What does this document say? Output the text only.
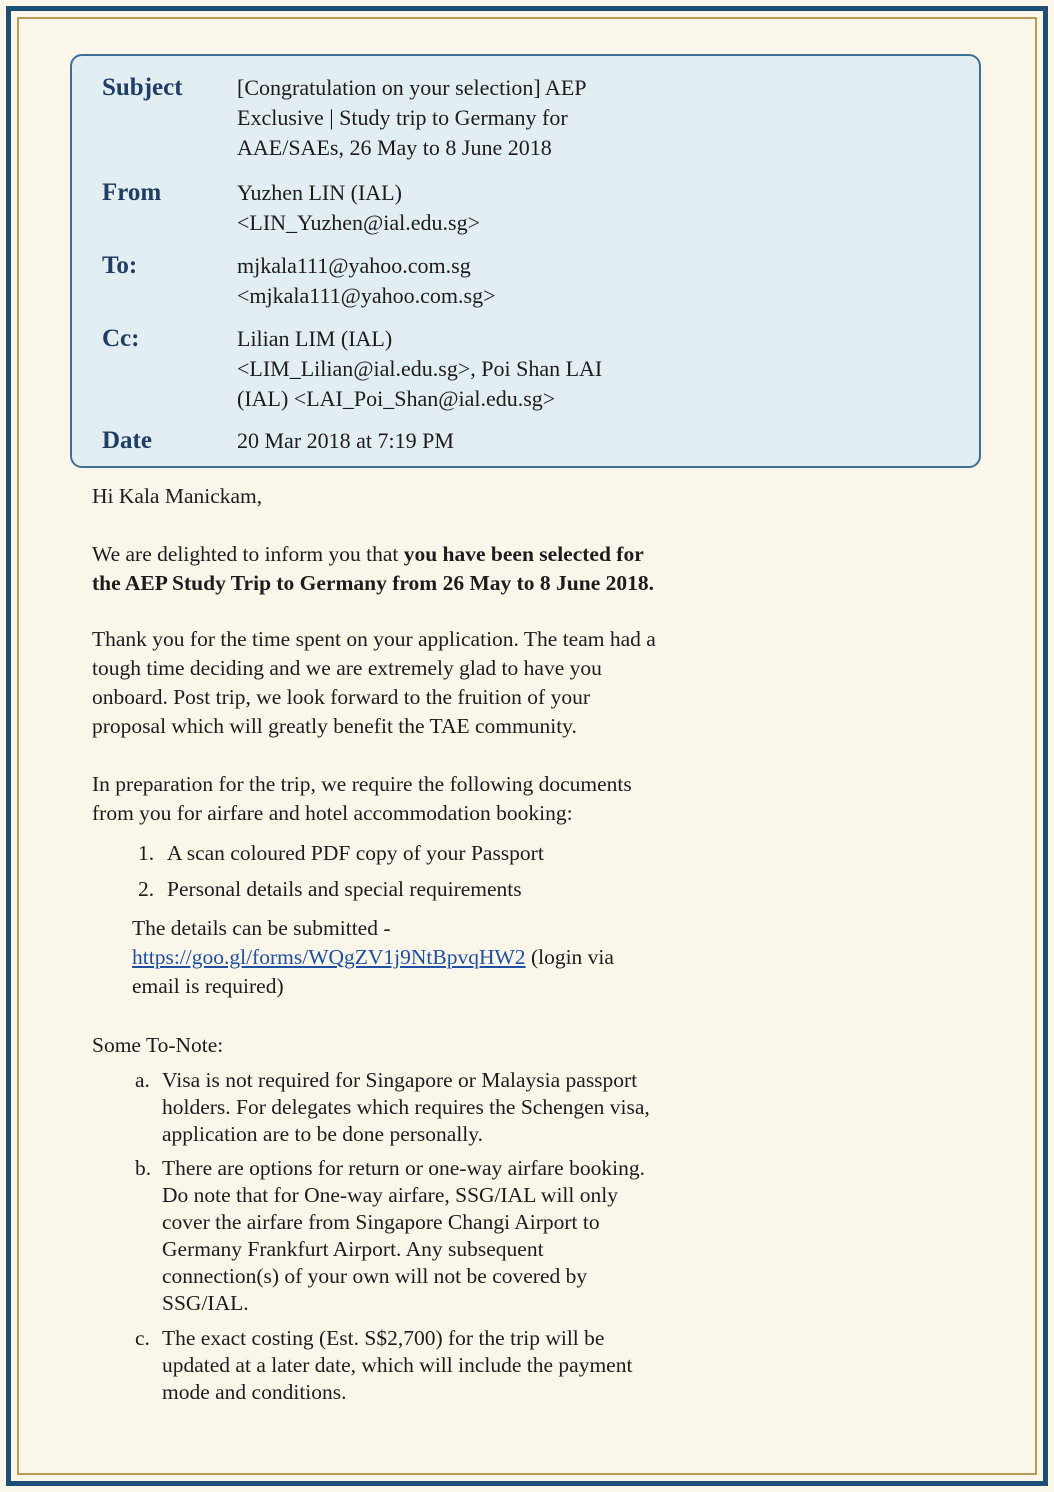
Subject [Congratulation on your selection] AEP
Exclusive | Study trip to Germany for
AAE/SAEs, 26 May to 8 June 2018
From	Yuzhen LIN (IAL)
<LIN_Yuzhen@ial.edu.sg>
To:	mjkala111@yahoo.com.sg
<mjkala111@yahoo.com.sg>
Cc:	Lilian LIM (IAL)
<LIM_Lilian@ial.edu.sg>, Poi Shan LAI
(IAL) <LAI_Poi_Shan@ial.edu.sg>
Date	20 Mar 2018 at 7:19 PM
Hi Kala Manickam,
We are delighted to inform you that you have been selected for
the AEP Study Trip to Germany from 26 May to 8 June 2018.
Thank you for the time spent on your application. The team had a
tough time deciding and we are extremely glad to have you
onboard. Post trip, we look forward to the fruition of your
proposal which will greatly benefit the TAE community.
In preparation for the trip, we require the following documents
from you for airfare and hotel accommodation booking:
1. A scan coloured PDF copy of your Passport
2. Personal details and special requirements
The details can be submitted -
https://goo.gl/forms/WQgZV1j9NtBpvqHW2 (login via
email is required)
Some To-Note:
a. Visa is not required for Singapore or Malaysia passport
holders. For delegates which requires the Schengen visa,
application are to be done personally.
b. There are options for return or one-way airfare booking.
Do note that for One-way airfare, SSG/IAL will only
cover the airfare from Singapore Changi Airport to
Germany Frankfurt Airport. Any subsequent
connection(s) of your own will not be covered by
SSG/IAL.
c. The exact costing (Est. S$2,700) for the trip will be
updated at a later date, which will include the payment
mode and conditions.
